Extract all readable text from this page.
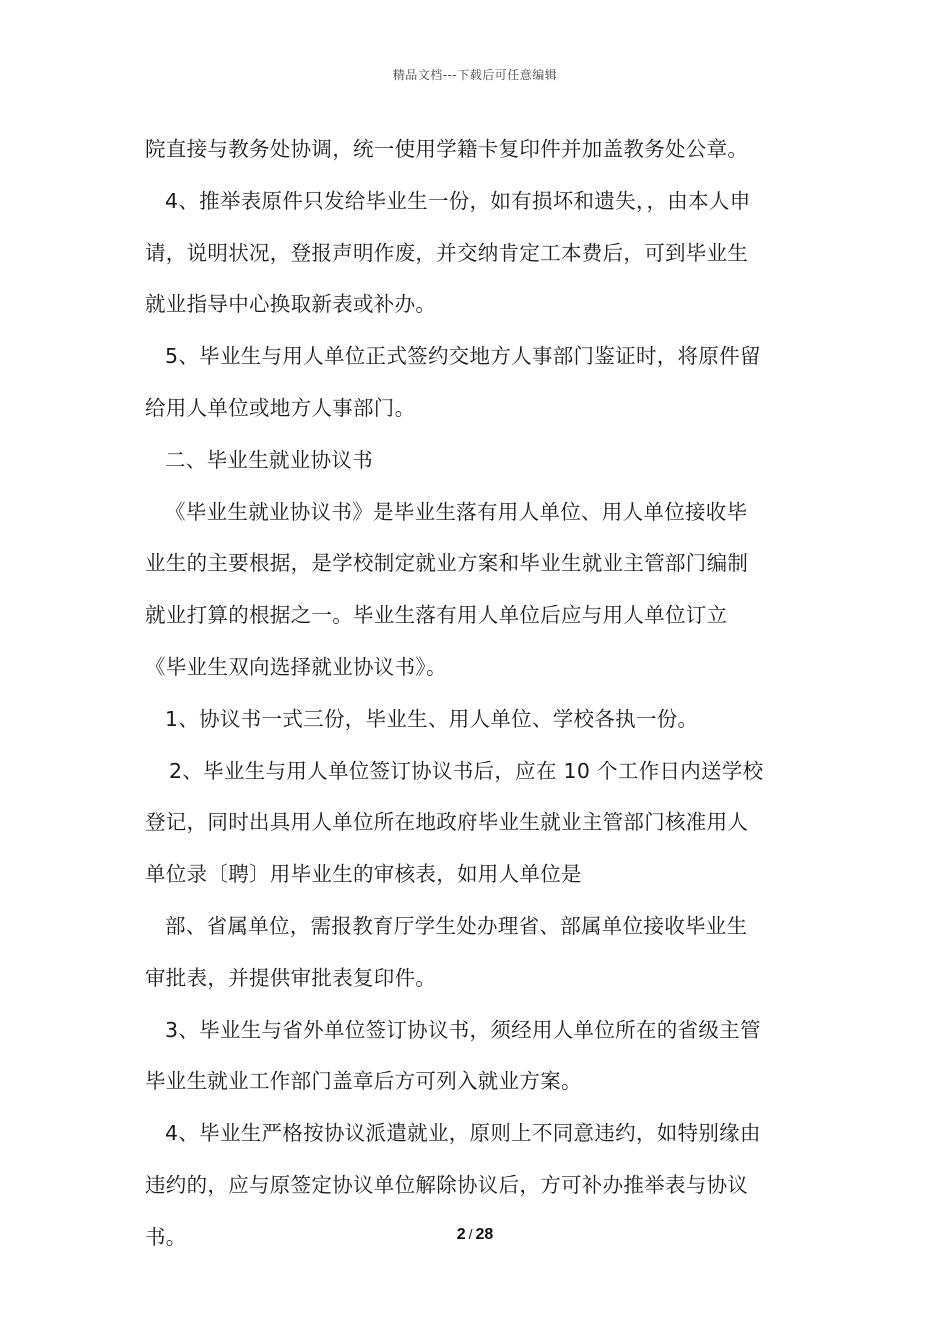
精品文档---下载后可任意编辑
院直接与教务处协调，统一使用学籍卡复印件并加盖教务处公章。
4、推举表原件只发给毕业生一份，如有损坏和遗失，，由本人申
请，说明状况，登报声明作废，并交纳肯定工本费后，可到毕业生
就业指导中心换取新表或补办。
5、毕业生与用人单位正式签约交地方人事部门鉴证时，将原件留
给用人单位或地方人事部门。
二、毕业生就业协议书
《毕业生就业协议书》是毕业生落有用人单位、用人单位接收毕
业生的主要根据，是学校制定就业方案和毕业生就业主管部门编制
就业打算的根据之一。毕业生落有用人单位后应与用人单位订立
《毕业生双向选择就业协议书》。
1、协议书一式三份，毕业生、用人单位、学校各执一份。
2、毕业生与用人单位签订协议书后，应在 10 个工作日内送学校
登记，同时出具用人单位所在地政府毕业生就业主管部门核准用人
单位录〔聘〕用毕业生的审核表，如用人单位是
部、省属单位，需报教育厅学生处办理省、部属单位接收毕业生
审批表，并提供审批表复印件。
3、毕业生与省外单位签订协议书，须经用人单位所在的省级主管
毕业生就业工作部门盖章后方可列入就业方案。
4、毕业生严格按协议派遣就业，原则上不同意违约，如特别缘由
违约的，应与原签定协议单位解除协议后，方可补办推举表与协议
书。	2 / 28
